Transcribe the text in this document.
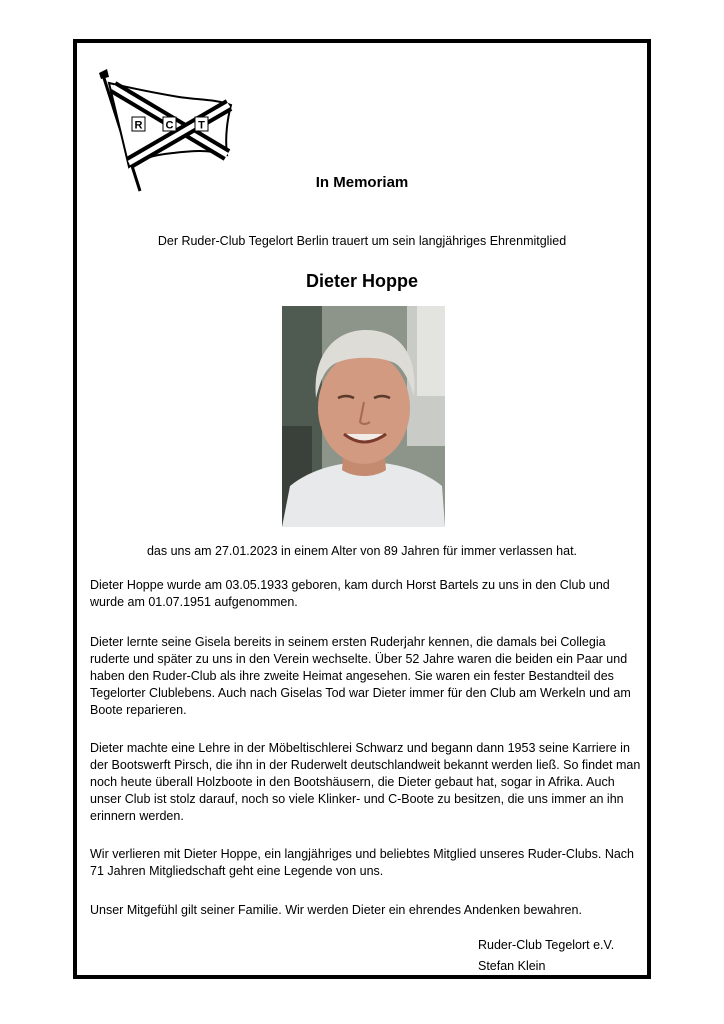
R C T
In Memoriam
Der Ruder-Club Tegelort Berlin trauert um sein langjähriges Ehrenmitglied
Dieter Hoppe
das uns am 27.01.2023 in einem Alter von 89 Jahren für immer verlassen hat.

Dieter Hoppe wurde am 03.05.1933 geboren, kam durch Horst Bartels zu uns in den Club und wurde am 01.07.1951 aufgenommen.

Dieter lernte seine Gisela bereits in seinem ersten Ruderjahr kennen, die damals bei Collegia ruderte und später zu uns in den Verein wechselte. Über 52 Jahre waren die beiden ein Paar und haben den Ruder-Club als ihre zweite Heimat angesehen. Sie waren ein fester Bestandteil des Tegelorter Clublebens. Auch nach Giselas Tod war Dieter immer für den Club am Werkeln und am Boote reparieren.

Dieter machte eine Lehre in der Möbeltischlerei Schwarz und begann dann 1953 seine Karriere in der Bootswerft Pirsch, die ihn in der Ruderwelt deutschlandweit bekannt werden ließ. So findet man noch heute überall Holzboote in den Bootshäusern, die Dieter gebaut hat, sogar in Afrika. Auch unser Club ist stolz darauf, noch so viele Klinker- und C-Boote zu besitzen, die uns immer an ihn erinnern werden.

Wir verlieren mit Dieter Hoppe, ein langjähriges und beliebtes Mitglied unseres Ruder-Clubs. Nach 71 Jahren Mitgliedschaft geht eine Legende von uns.

Unser Mitgefühl gilt seiner Familie. Wir werden Dieter ein ehrendes Andenken bewahren.

Ruder-Club Tegelort e.V.
Stefan Klein
